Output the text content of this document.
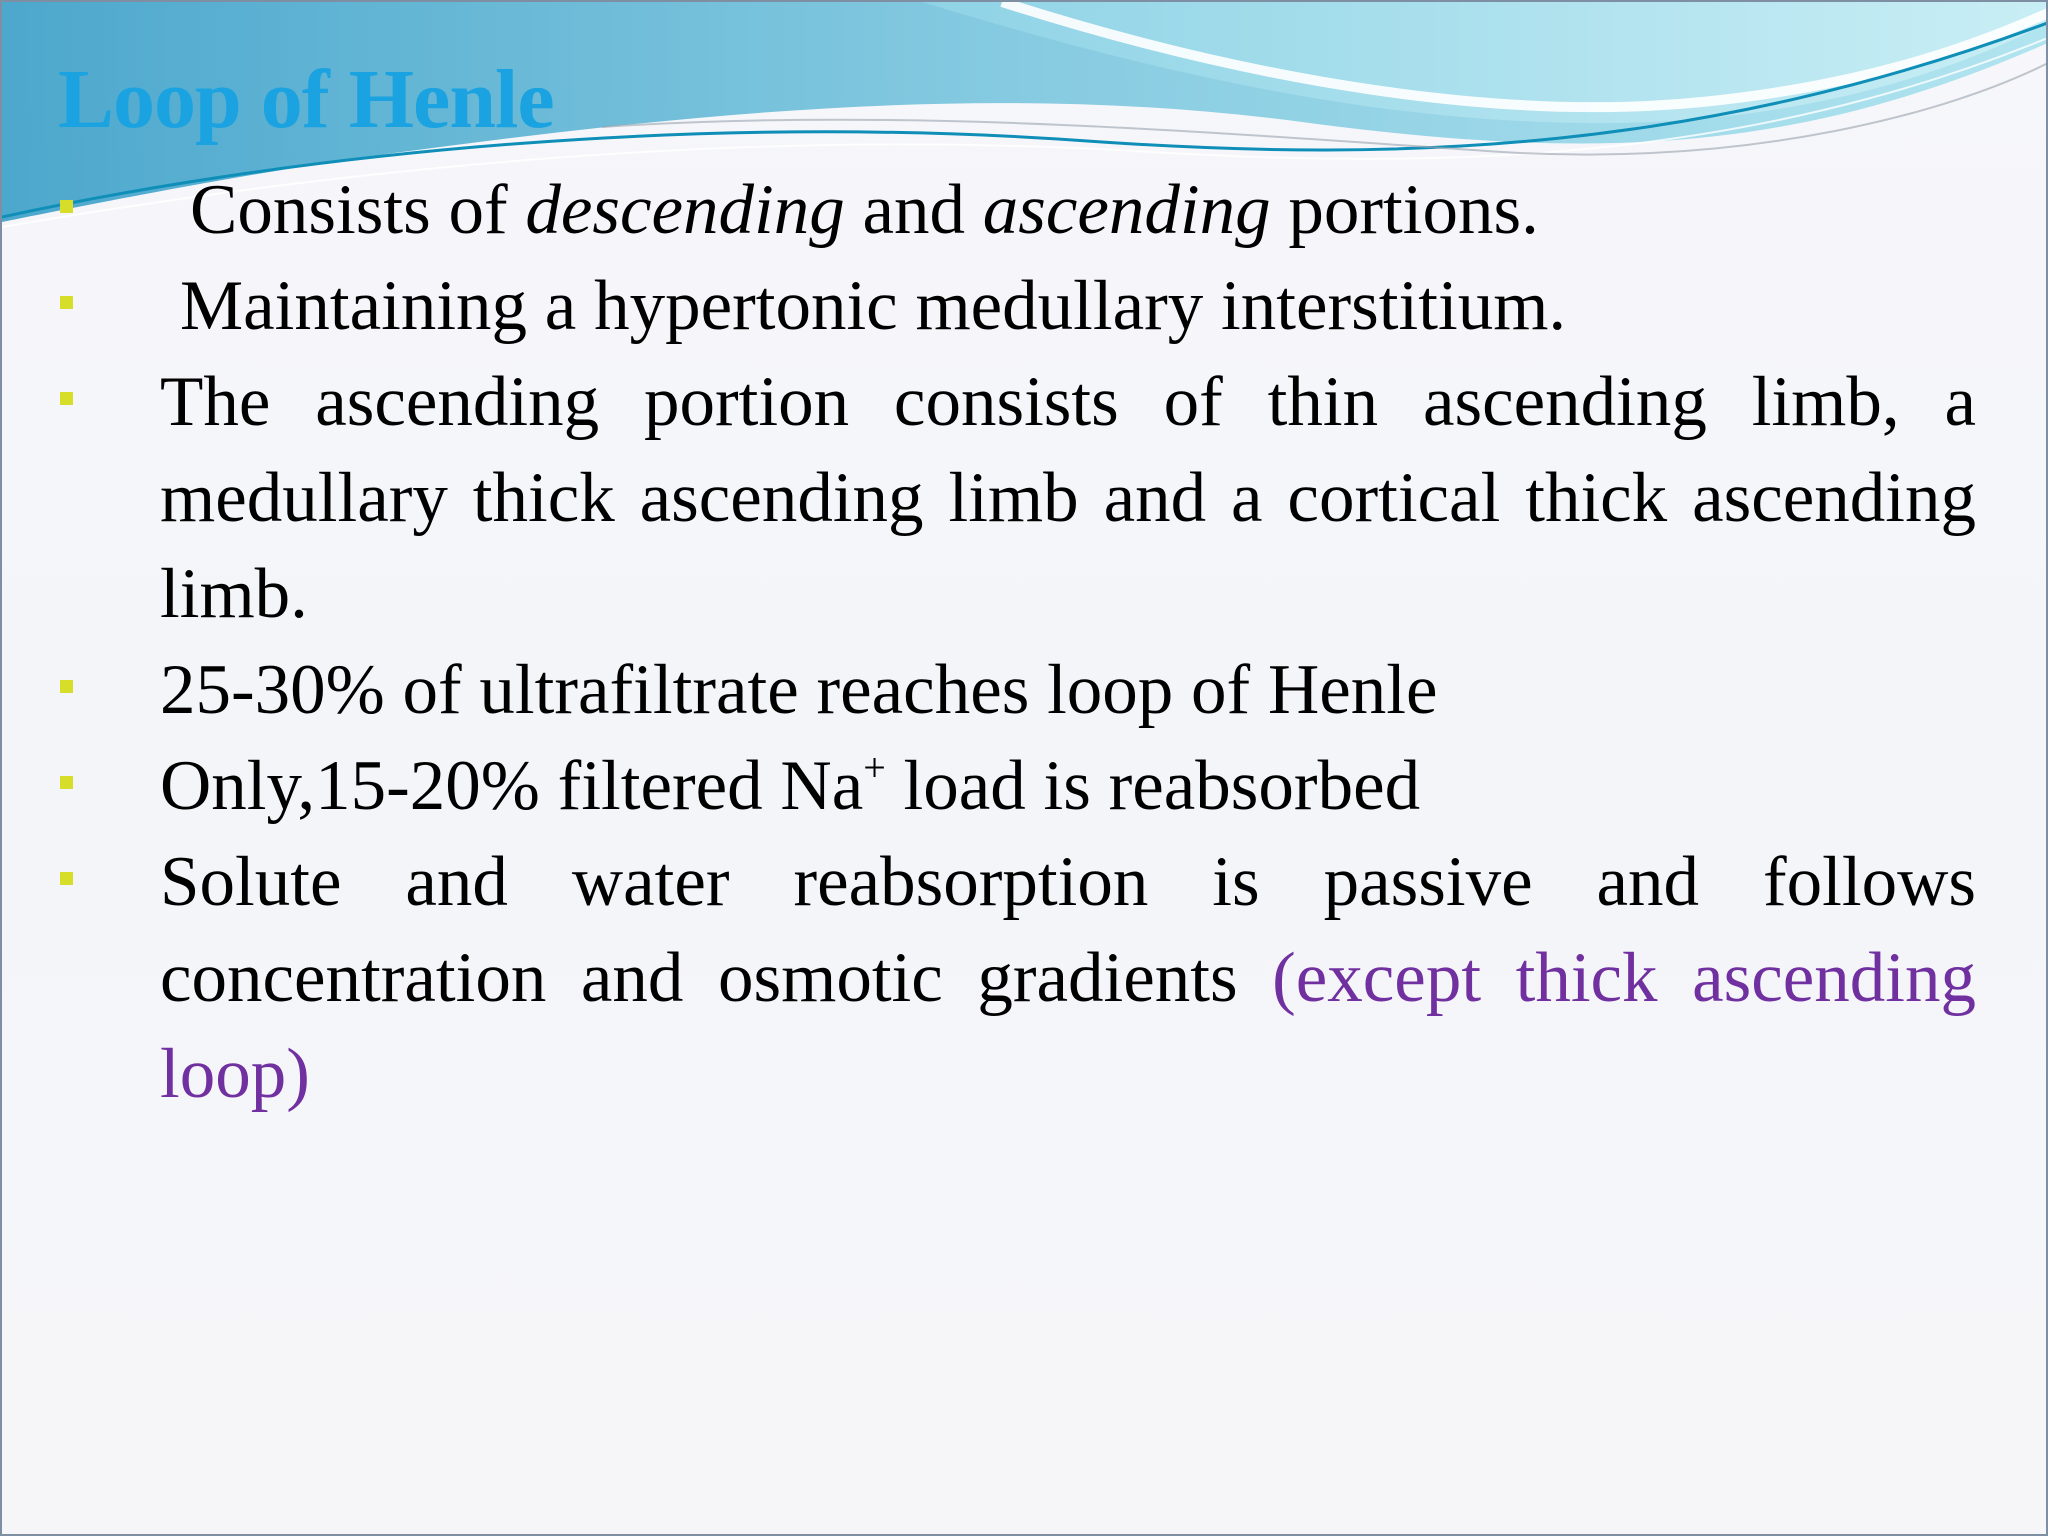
Loop of Henle

Consists of descending and ascending portions.

Maintaining a hypertonic medullary interstitium.

The ascending portion consists of thin ascending limb, a medullary thick ascending limb and a cortical thick ascending limb.

25-30% of ultrafiltrate reaches loop of Henle

Only,15-20% filtered Na+ load is reabsorbed

Solute and water reabsorption is passive and follows concentration and osmotic gradients (except thick ascending loop)
